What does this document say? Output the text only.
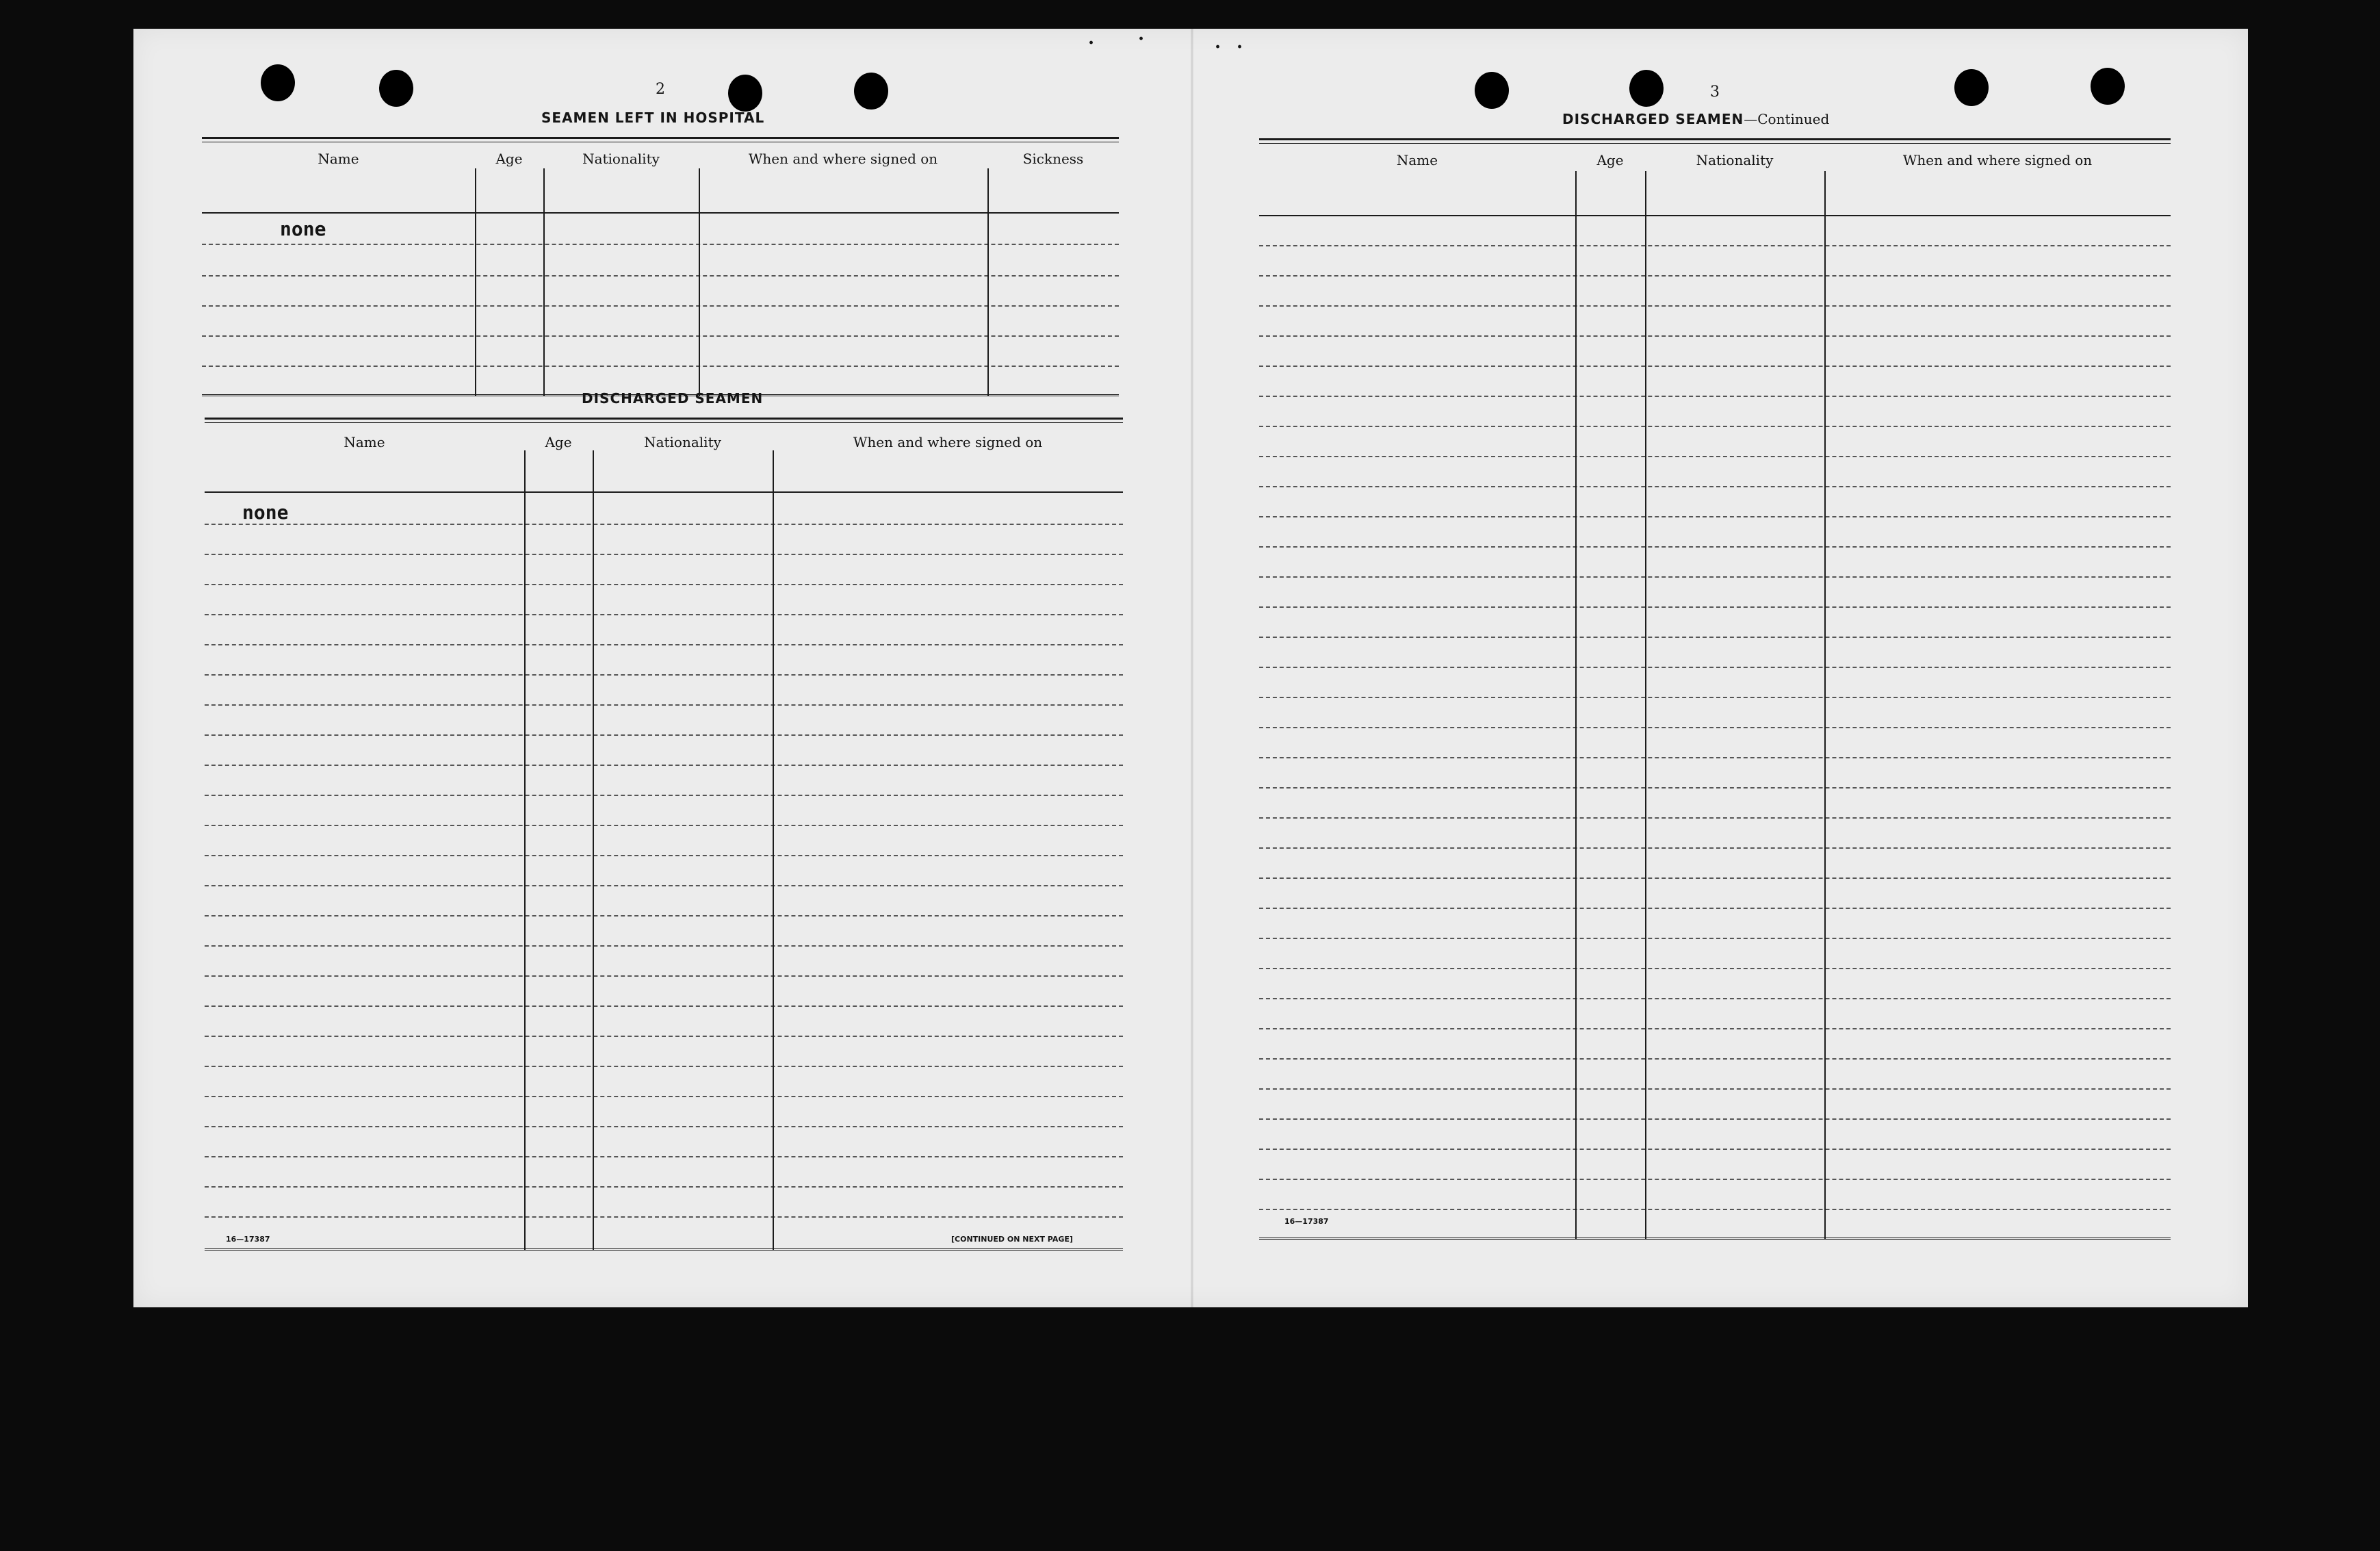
2
SEAMEN LEFT IN HOSPITAL
Name	Age	Nationality	When and where signed on	Sickness
none
DISCHARGED SEAMEN
Name	Age	Nationality	When and where signed on
none
16—17387	[CONTINUED ON NEXT PAGE]
3
DISCHARGED SEAMEN—Continued
Name	Age	Nationality	When and where signed on
16—17387
· ·	· ·
